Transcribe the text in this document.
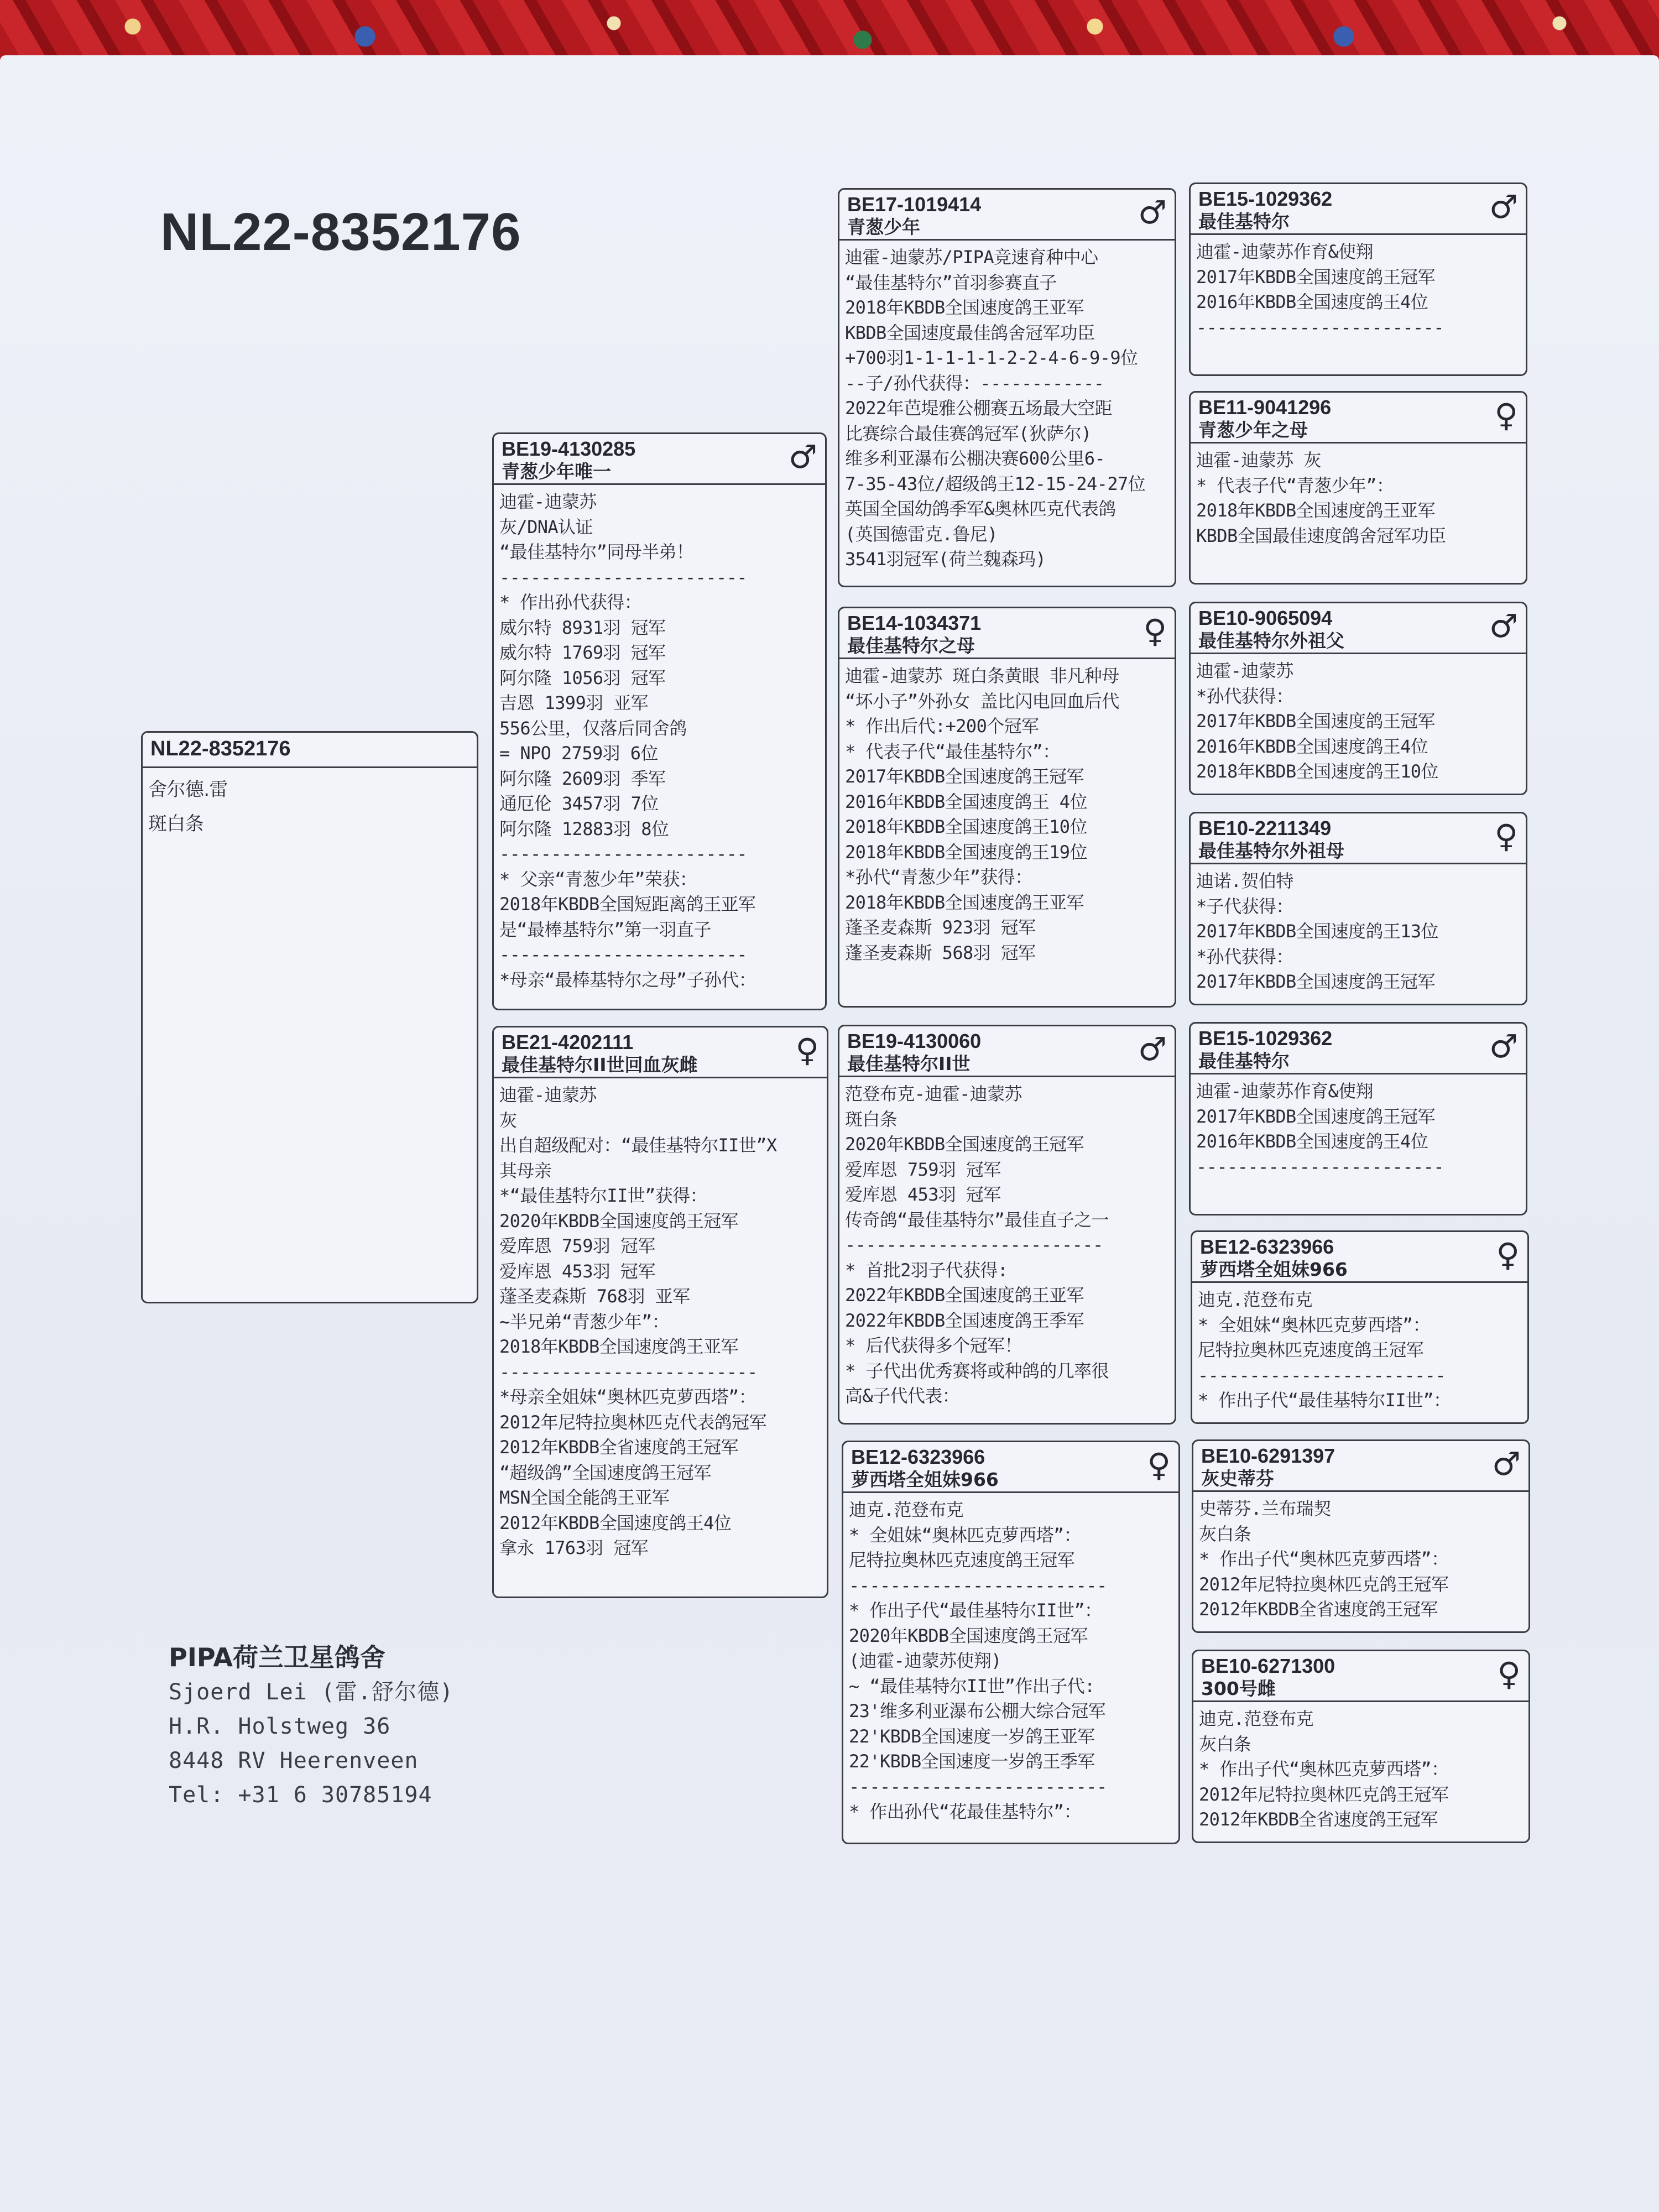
NL22-8352176
NL22-8352176
舍尔德.雷
斑白条
BE19-4130285
青葱少年唯一	♂
迪霍-迪蒙苏
灰/DNA认证
“最佳基特尔”同母半弟！
------------------------
* 作出孙代获得：
威尔特 8931羽 冠军
威尔特 1769羽 冠军
阿尔隆 1056羽 冠军
吉恩 1399羽 亚军
556公里，仅落后同舍鸽
= NPO 2759羽 6位
阿尔隆 2609羽 季军
通厄伦 3457羽 7位
阿尔隆 12883羽 8位
------------------------
* 父亲“青葱少年”荣获：
2018年KBDB全国短距离鸽王亚军
是“最棒基特尔”第一羽直子
------------------------
*母亲“最棒基特尔之母”子孙代：
BE21-4202111
最佳基特尔II世回血灰雌	♀
迪霍-迪蒙苏
灰
出自超级配对：“最佳基特尔II世”X
其母亲
*“最佳基特尔II世”获得：
2020年KBDB全国速度鸽王冠军
爱库恩 759羽 冠军
爱库恩 453羽 冠军
蓬圣麦森斯 768羽 亚军
~半兄弟“青葱少年”：
2018年KBDB全国速度鸽王亚军
-------------------------
*母亲全姐妹“奥林匹克萝西塔”：
2012年尼特拉奥林匹克代表鸽冠军
2012年KBDB全省速度鸽王冠军
“超级鸽”全国速度鸽王冠军
MSN全国全能鸽王亚军
2012年KBDB全国速度鸽王4位
拿永 1763羽 冠军
BE17-1019414
青葱少年	♂
迪霍-迪蒙苏/PIPA竞速育种中心
“最佳基特尔”首羽参赛直子
2018年KBDB全国速度鸽王亚军
KBDB全国速度最佳鸽舍冠军功臣
+700羽1-1-1-1-1-2-2-4-6-9-9位
--子/孙代获得：------------
2022年芭堤雅公棚赛五场最大空距
比赛综合最佳赛鸽冠军(狄萨尔)
维多利亚瀑布公棚决赛600公里6-
7-35-43位/超级鸽王12-15-24-27位
英国全国幼鸽季军&奥林匹克代表鸽
(英国德雷克.鲁尼)
3541羽冠军(荷兰魏森玛)
BE14-1034371
最佳基特尔之母	♀
迪霍-迪蒙苏 斑白条黄眼 非凡种母
“坏小子”外孙女 盖比闪电回血后代
* 作出后代:+200个冠军
* 代表子代“最佳基特尔”：
2017年KBDB全国速度鸽王冠军
2016年KBDB全国速度鸽王 4位
2018年KBDB全国速度鸽王10位
2018年KBDB全国速度鸽王19位
*孙代“青葱少年”获得：
2018年KBDB全国速度鸽王亚军
蓬圣麦森斯 923羽 冠军
蓬圣麦森斯 568羽 冠军
BE19-4130060
最佳基特尔II世	♂
范登布克-迪霍-迪蒙苏
斑白条
2020年KBDB全国速度鸽王冠军
爱库恩 759羽 冠军
爱库恩 453羽 冠军
传奇鸽“最佳基特尔”最佳直子之一
-------------------------
* 首批2羽子代获得:
2022年KBDB全国速度鸽王亚军
2022年KBDB全国速度鸽王季军
* 后代获得多个冠军！
* 子代出优秀赛将或种鸽的几率很
高&子代代表：
BE12-6323966
萝西塔全姐妹966	♀
迪克.范登布克
* 全姐妹“奥林匹克萝西塔”：
尼特拉奥林匹克速度鸽王冠军
-------------------------
* 作出子代“最佳基特尔II世”：
2020年KBDB全国速度鸽王冠军
(迪霍-迪蒙苏使翔)
~ “最佳基特尔II世”作出子代:
23'维多利亚瀑布公棚大综合冠军
22'KBDB全国速度一岁鸽王亚军
22'KBDB全国速度一岁鸽王季军
-------------------------
* 作出孙代“花最佳基特尔”：
BE15-1029362
最佳基特尔	♂
迪霍-迪蒙苏作育&使翔
2017年KBDB全国速度鸽王冠军
2016年KBDB全国速度鸽王4位
------------------------
BE11-9041296
青葱少年之母	♀
迪霍-迪蒙苏 灰
* 代表子代“青葱少年”：
2018年KBDB全国速度鸽王亚军
KBDB全国最佳速度鸽舍冠军功臣
BE10-9065094
最佳基特尔外祖父	♂
迪霍-迪蒙苏
*孙代获得：
2017年KBDB全国速度鸽王冠军
2016年KBDB全国速度鸽王4位
2018年KBDB全国速度鸽王10位
BE10-2211349
最佳基特尔外祖母	♀
迪诺.贺伯特
*子代获得：
2017年KBDB全国速度鸽王13位
*孙代获得：
2017年KBDB全国速度鸽王冠军
BE15-1029362
最佳基特尔	♂
迪霍-迪蒙苏作育&使翔
2017年KBDB全国速度鸽王冠军
2016年KBDB全国速度鸽王4位
------------------------
BE12-6323966
萝西塔全姐妹966	♀
迪克.范登布克
* 全姐妹“奥林匹克萝西塔”：
尼特拉奥林匹克速度鸽王冠军
------------------------
* 作出子代“最佳基特尔II世”：
BE10-6291397
灰史蒂芬	♂
史蒂芬.兰布瑞契
灰白条
* 作出子代“奥林匹克萝西塔”：
2012年尼特拉奥林匹克鸽王冠军
2012年KBDB全省速度鸽王冠军
BE10-6271300
300号雌	♀
迪克.范登布克
灰白条
* 作出子代“奥林匹克萝西塔”：
2012年尼特拉奥林匹克鸽王冠军
2012年KBDB全省速度鸽王冠军
PIPA荷兰卫星鸽舍
Sjoerd Lei (雷.舒尔德)
H.R. Holstweg 36
8448 RV Heerenveen
Tel: +31 6 30785194
